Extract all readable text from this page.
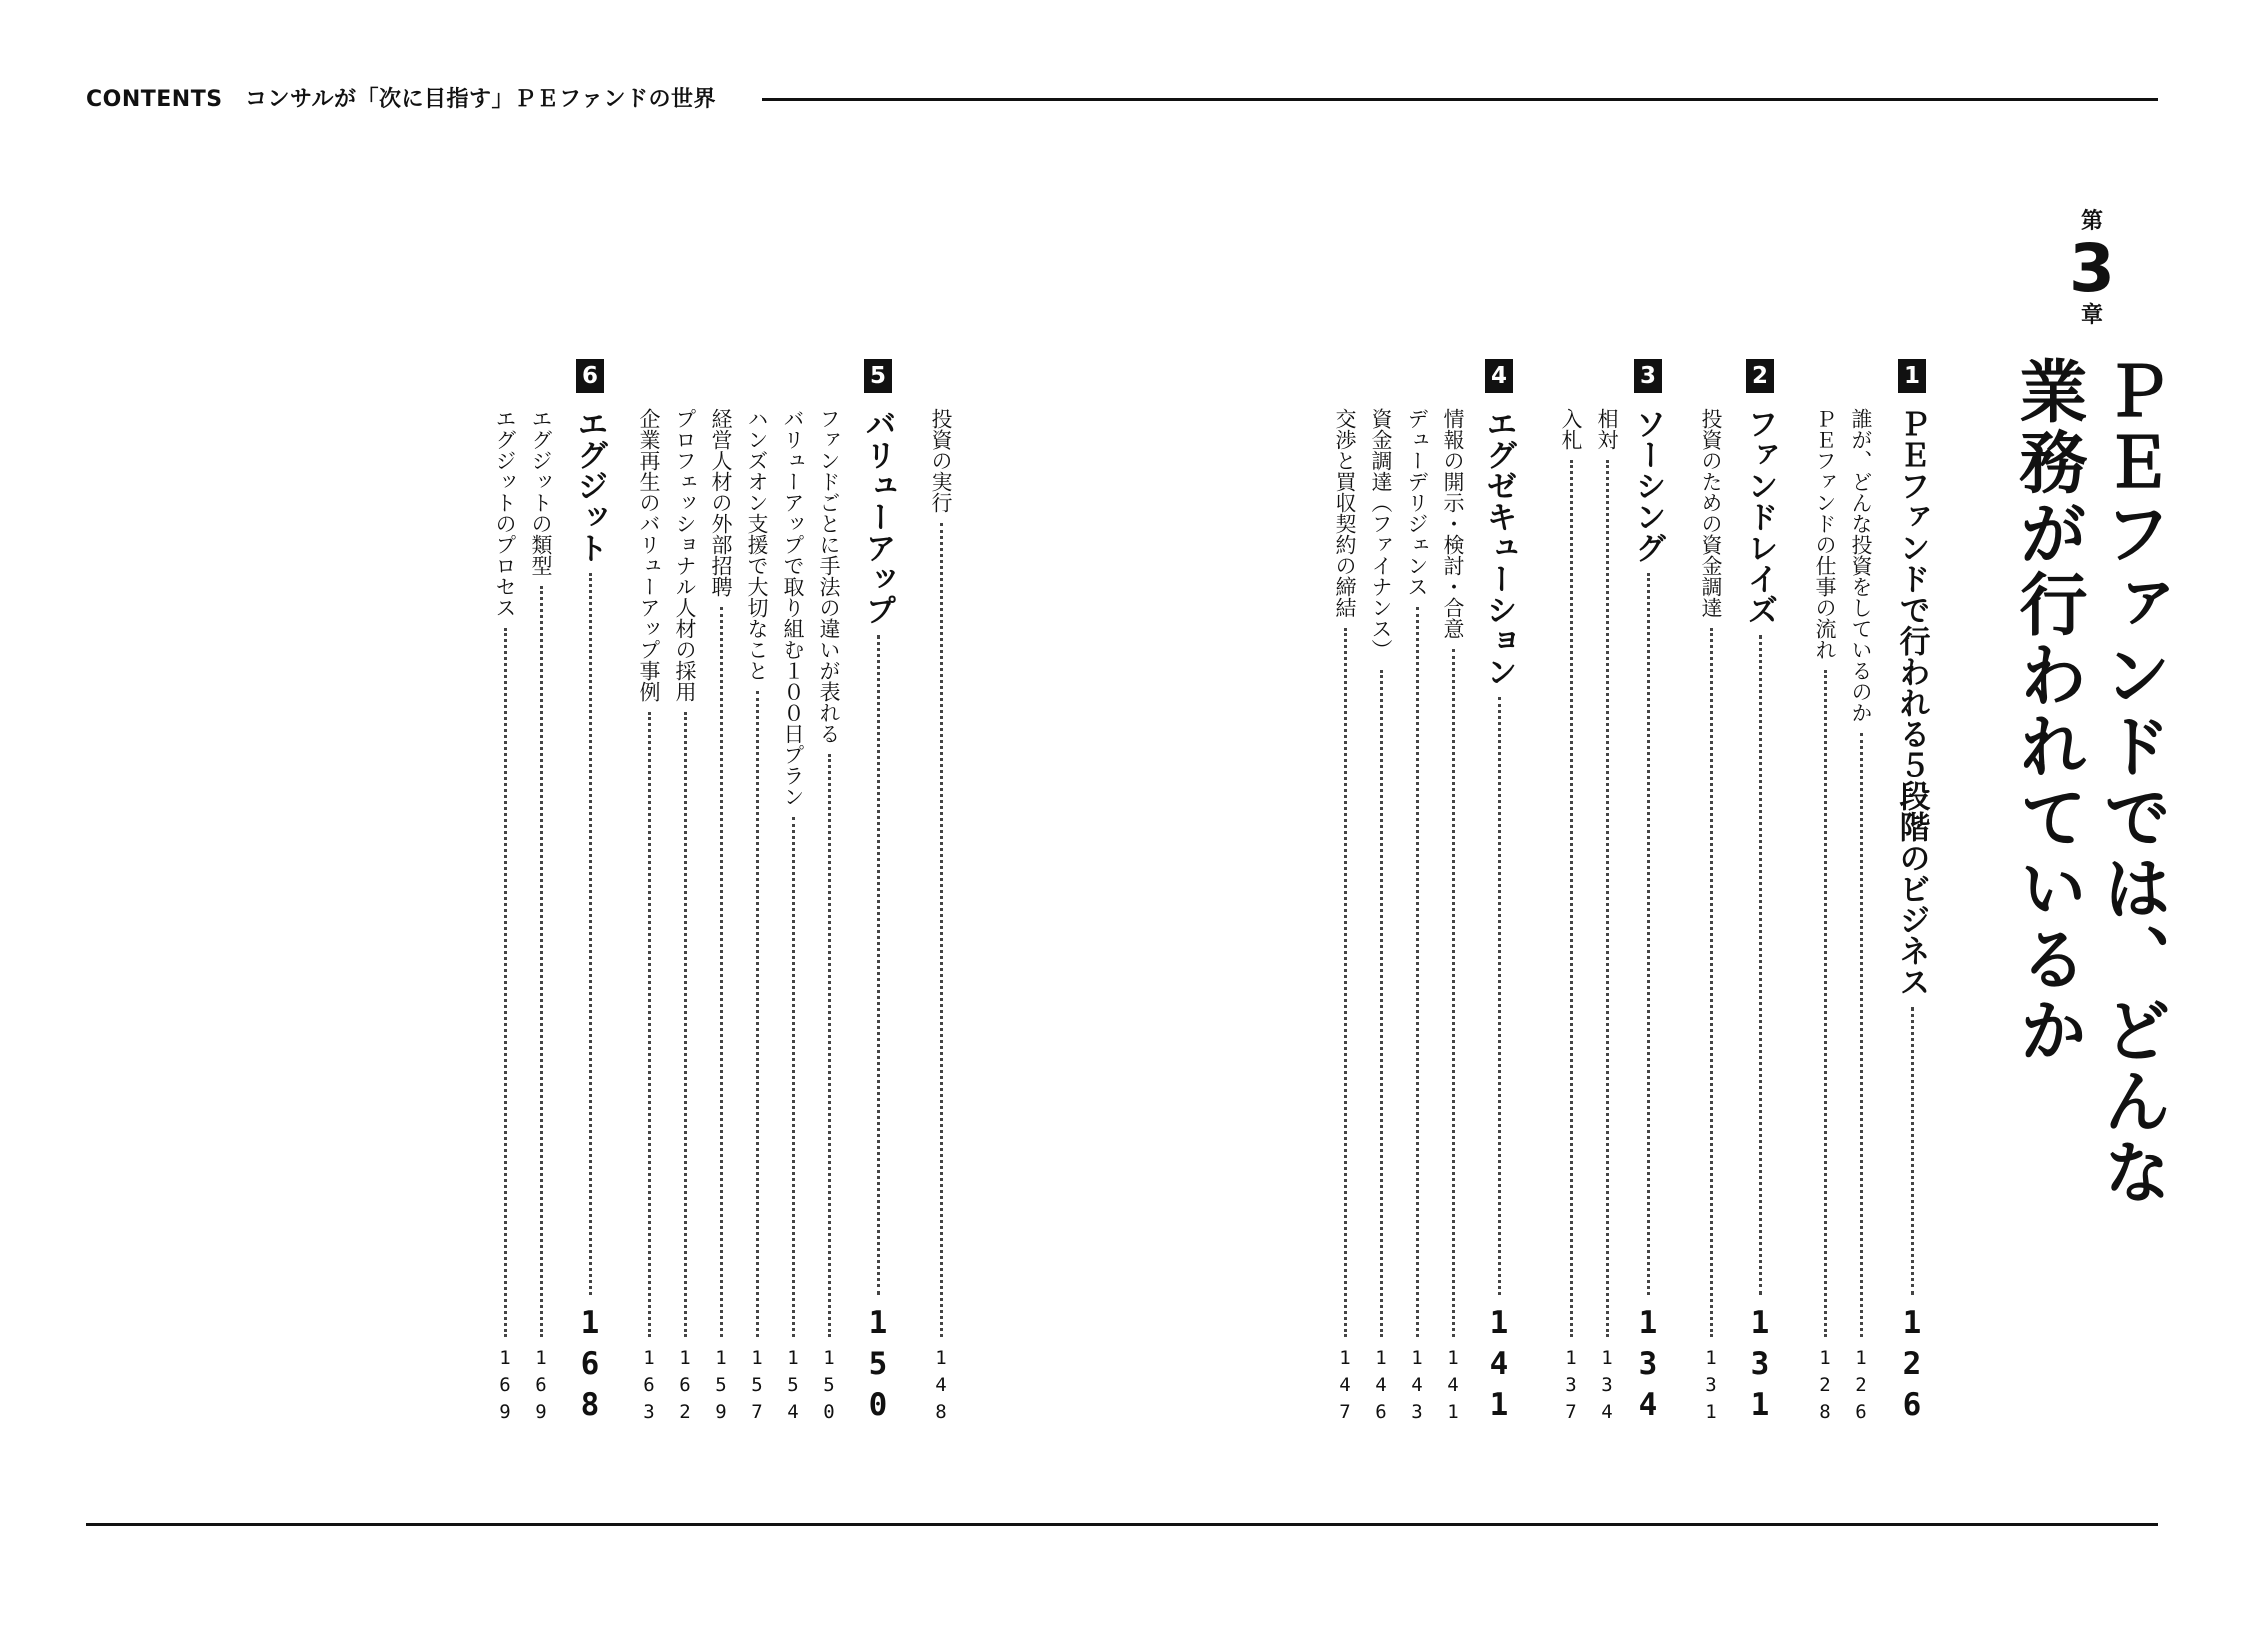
CONTENTS　コンサルが「次に目指す」ＰＥファンドの世界
第
3
章
ＰＥファンドでは、どんな業務が行われているか
1
ＰＥファンドで行われる５段階のビジネス
126
誰が、どんな投資をしているのか
126
ＰＥファンドの仕事の流れ
128
2
ファンドレイズ
131
投資のための資金調達
131
3
ソーシング
134
相対
134
入札
137
4
エグゼキューション
141
情報の開示・検討・合意
141
デューデリジェンス
143
資金調達（ファイナンス）
146
交渉と買収契約の締結
147
投資の実行
148
5
バリューアップ
150
ファンドごとに手法の違いが表れる
150
バリューアップで取り組む１００日プラン
154
ハンズオン支援で大切なこと
157
経営人材の外部招聘
159
プロフェッショナル人材の採用
162
企業再生のバリューアップ事例
163
6
エグジット
168
エグジットの類型
169
エグジットのプロセス
169
